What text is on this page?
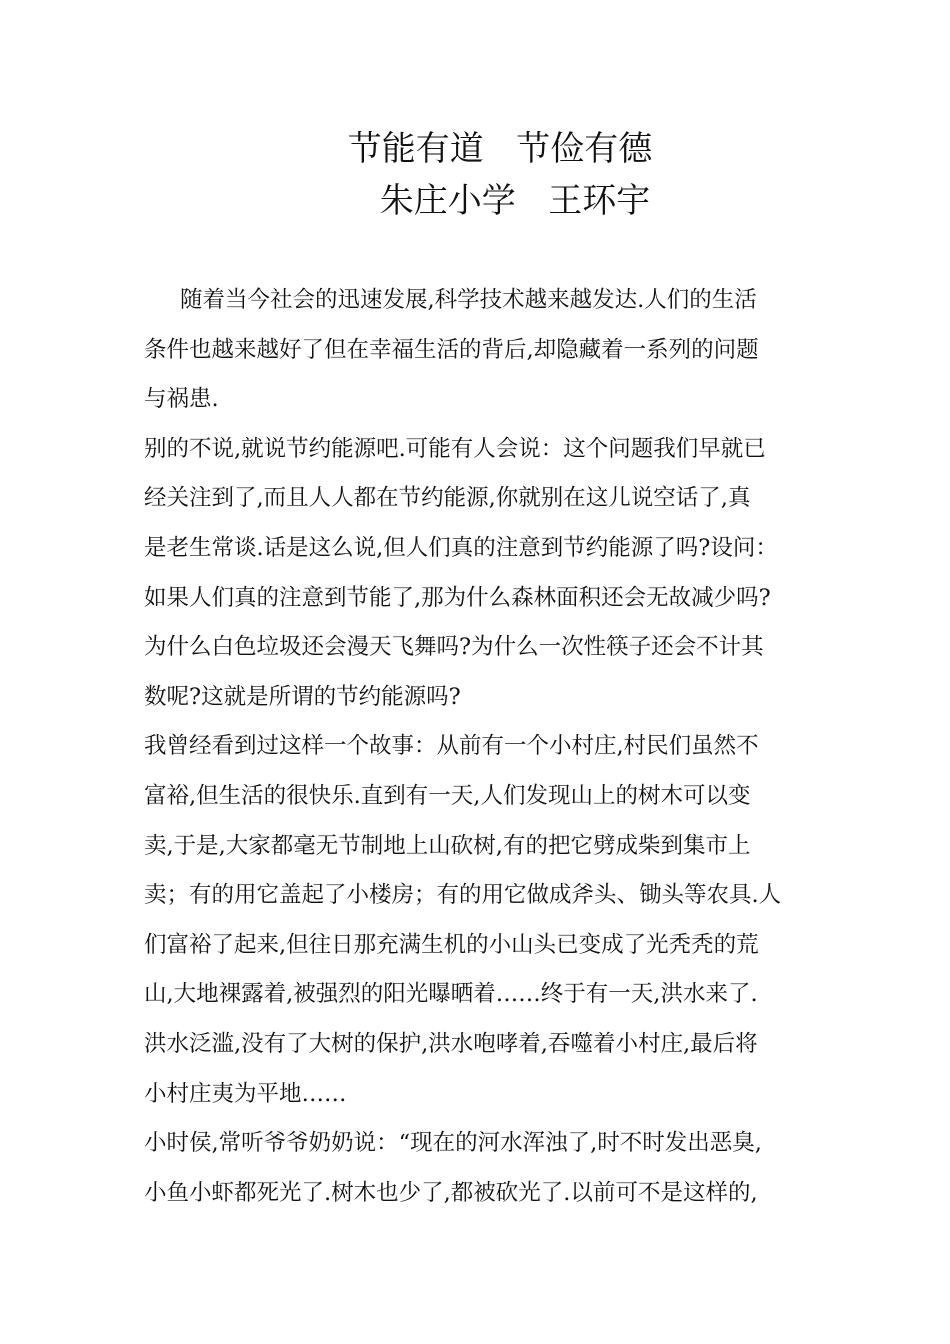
节能有道   节俭有德
朱庄小学   王环宇
随着当今社会的迅速发展,科学技术越来越发达.人们的生活
条件也越来越好了但在幸福生活的背后,却隐藏着一系列的问题
与祸患.
别的不说,就说节约能源吧.可能有人会说：这个问题我们早就已
经关注到了,而且人人都在节约能源,你就别在这儿说空话了,真
是老生常谈.话是这么说,但人们真的注意到节约能源了吗?设问：
如果人们真的注意到节能了,那为什么森林面积还会无故减少吗?
为什么白色垃圾还会漫天飞舞吗?为什么一次性筷子还会不计其
数呢?这就是所谓的节约能源吗?
我曾经看到过这样一个故事：从前有一个小村庄,村民们虽然不
富裕,但生活的很快乐.直到有一天,人们发现山上的树木可以变
卖,于是,大家都毫无节制地上山砍树,有的把它劈成柴到集市上
卖；有的用它盖起了小楼房；有的用它做成斧头、锄头等农具.人
们富裕了起来,但往日那充满生机的小山头已变成了光秃秃的荒
山,大地裸露着,被强烈的阳光曝晒着……终于有一天,洪水来了.
洪水泛滥,没有了大树的保护,洪水咆哮着,吞噬着小村庄,最后将
小村庄夷为平地……
小时侯,常听爷爷奶奶说：“现在的河水浑浊了,时不时发出恶臭,
小鱼小虾都死光了.树木也少了,都被砍光了.以前可不是这样的,
